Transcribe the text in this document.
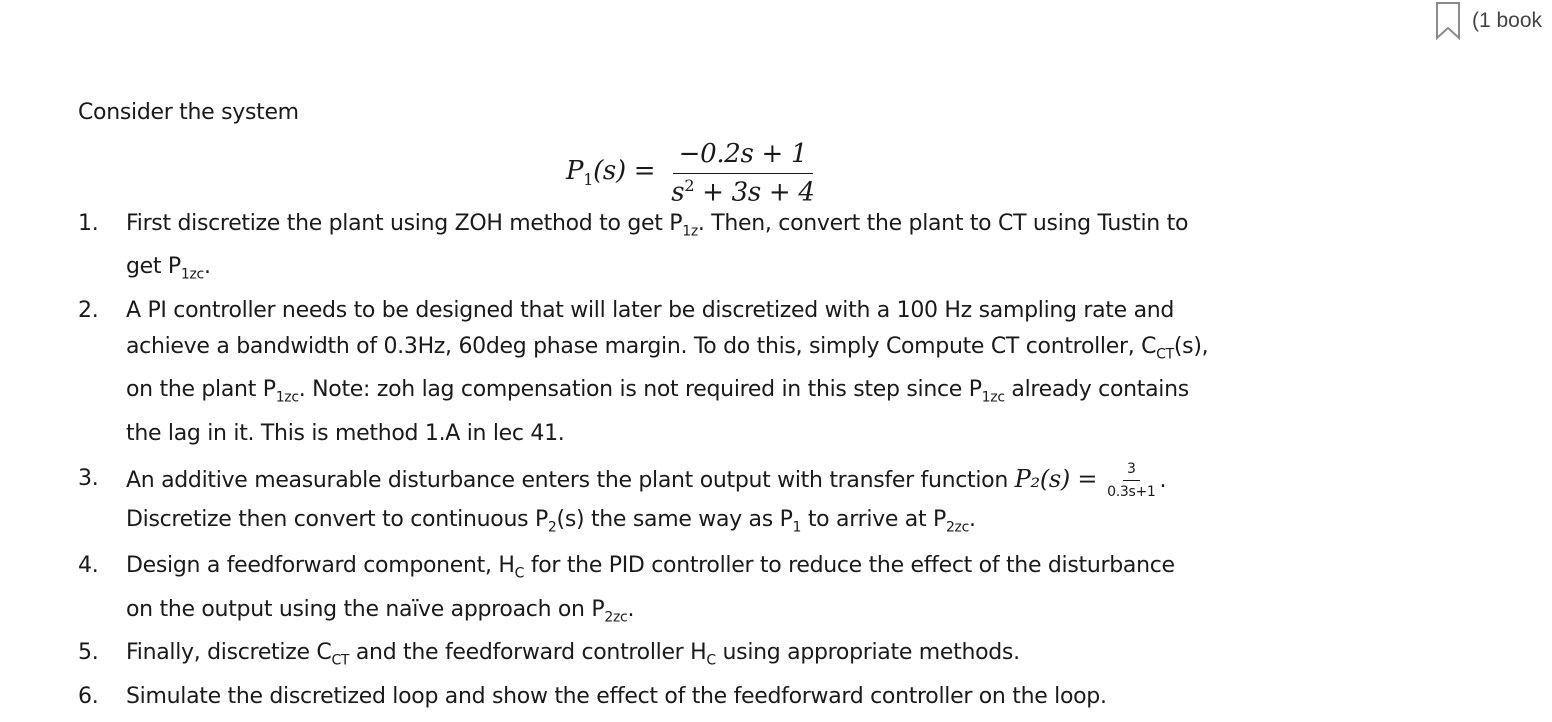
(1 book
Consider the system
$P_1(s) = \frac{-0.2s + 1}{s^2 + 3s + 4}$
1. First discretize the plant using ZOH method to get $P_{1z}$. Then, convert the plant to CT using Tustin to
get $P_{1zc}$.
2. A PI controller needs to be designed that will later be discretized with a 100 Hz sampling rate and
achieve a bandwidth of 0.3Hz, 60deg phase margin. To do this, simply Compute CT controller, $C_{CT}(s)$,
on the plant $P_{1zc}$. Note: zoh lag compensation is not required in this step since $P_{1zc}$ already contains
the lag in it. This is method 1.A in lec 41.
3. An additive measurable disturbance enters the plant output with transfer function $P_2(s) = \frac{3}{0.3s+1}$ .
Discretize then convert to continuous $P_2(s)$ the same way as $P_1$ to arrive at $P_{2zc}$.
4. Design a feedforward component, $H_C$ for the PID controller to reduce the effect of the disturbance
on the output using the naïve approach on $P_{2zc}$.
5. Finally, discretize $C_{CT}$ and the feedforward controller $H_C$ using appropriate methods.
6. Simulate the discretized loop and show the effect of the feedforward controller on the loop.
